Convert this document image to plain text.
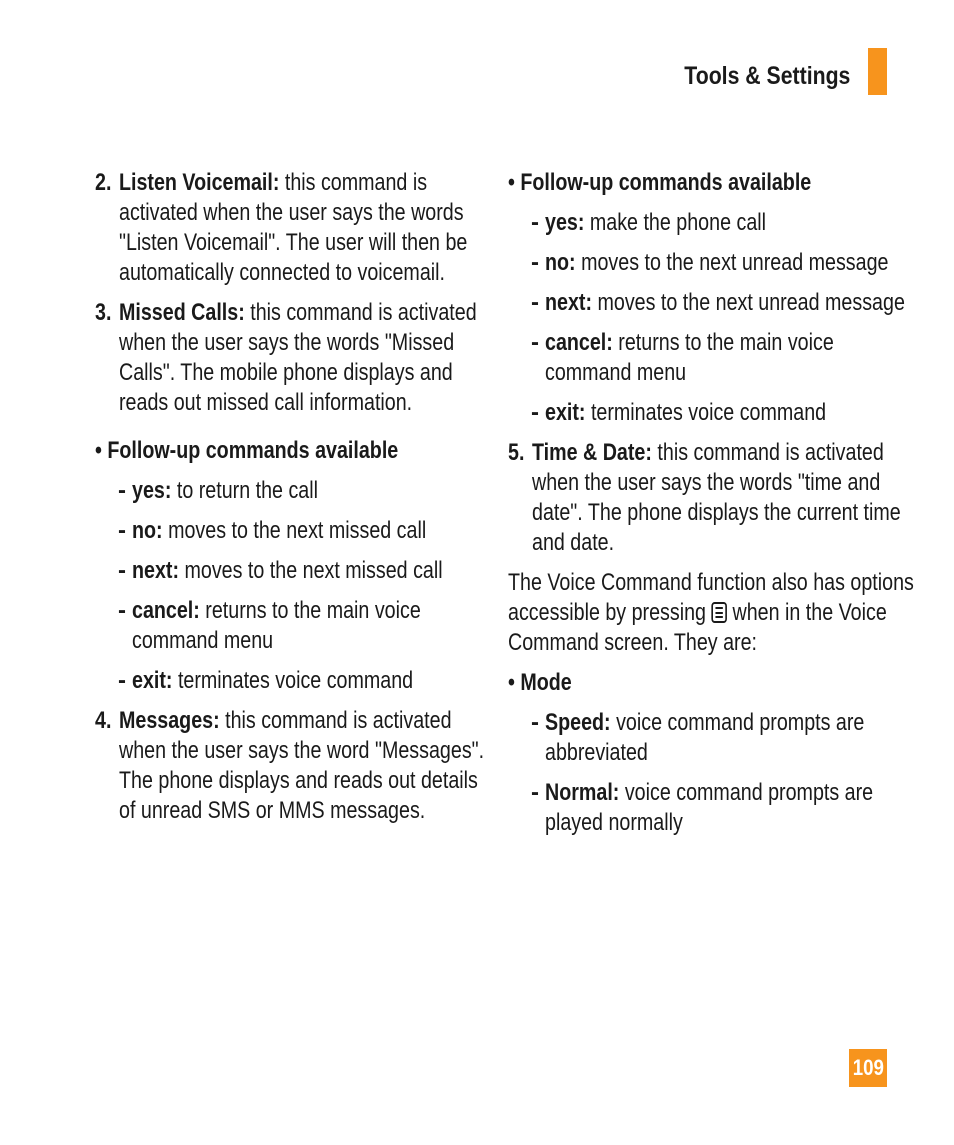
Tools & Settings
2. Listen Voicemail: this command is
activated when the user says the words
"Listen Voicemail". The user will then be
automatically connected to voicemail.
3. Missed Calls: this command is activated
when the user says the words "Missed
Calls". The mobile phone displays and
reads out missed call information.
• Follow-up commands available
- yes: to return the call
- no: moves to the next missed call
- next: moves to the next missed call
- cancel: returns to the main voice
command menu
- exit: terminates voice command
4. Messages: this command is activated
when the user says the word "Messages".
The phone displays and reads out details
of unread SMS or MMS messages.
• Follow-up commands available
- yes: make the phone call
- no: moves to the next unread message
- next: moves to the next unread message
- cancel: returns to the main voice
command menu
- exit: terminates voice command
5. Time & Date: this command is activated
when the user says the words "time and
date". The phone displays the current time
and date.
The Voice Command function also has options
accessible by pressing
when in the Voice
Command screen. They are:
• Mode
- Speed: voice command prompts are
abbreviated
- Normal: voice command prompts are
played normally
109
